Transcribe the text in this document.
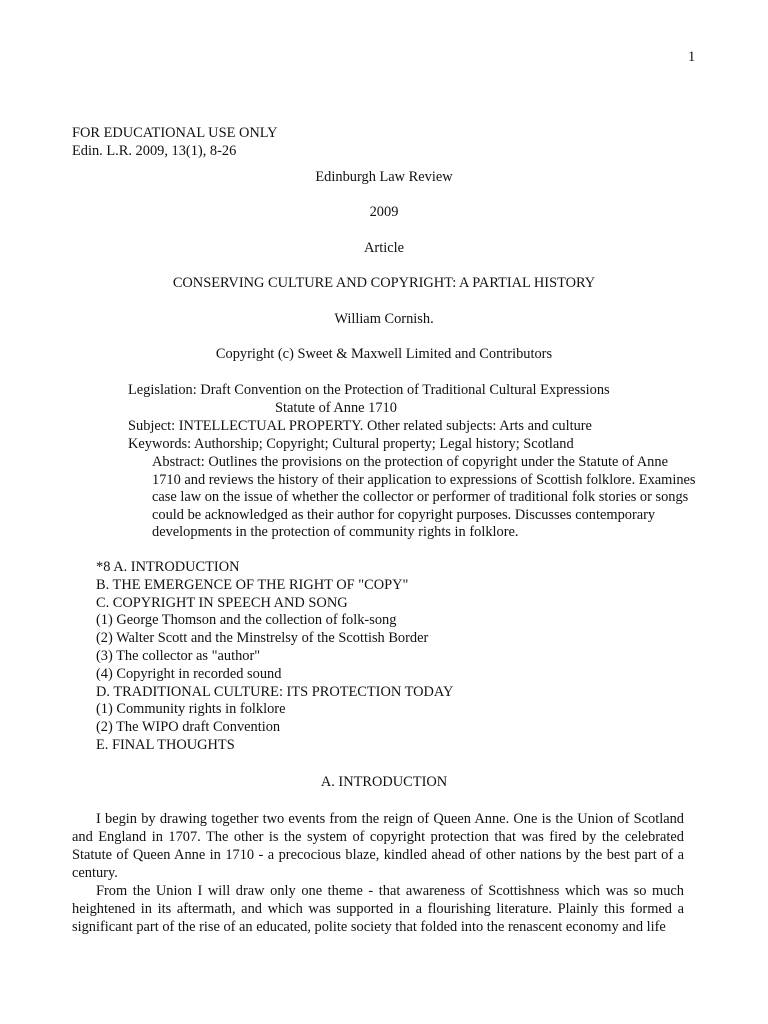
1
FOR EDUCATIONAL USE ONLY
Edin. L.R. 2009, 13(1), 8-26
Edinburgh Law Review
2009
Article
CONSERVING CULTURE AND COPYRIGHT: A PARTIAL HISTORY
William Cornish.
Copyright (c) Sweet & Maxwell Limited and Contributors
Legislation: Draft Convention on the Protection of Traditional Cultural Expressions
Statute of Anne 1710
Subject: INTELLECTUAL PROPERTY. Other related subjects: Arts and culture
Keywords: Authorship; Copyright; Cultural property; Legal history; Scotland
Abstract: Outlines the provisions on the protection of copyright under the Statute of Anne 1710 and reviews the history of their application to expressions of Scottish folklore. Examines case law on the issue of whether the collector or performer of traditional folk stories or songs could be acknowledged as their author for copyright purposes. Discusses contemporary developments in the protection of community rights in folklore.
*8 A. INTRODUCTION
B. THE EMERGENCE OF THE RIGHT OF "COPY"
C. COPYRIGHT IN SPEECH AND SONG
(1) George Thomson and the collection of folk-song
(2) Walter Scott and the Minstrelsy of the Scottish Border
(3) The collector as "author"
(4) Copyright in recorded sound
D. TRADITIONAL CULTURE: ITS PROTECTION TODAY
(1) Community rights in folklore
(2) The WIPO draft Convention
E. FINAL THOUGHTS
A. INTRODUCTION
I begin by drawing together two events from the reign of Queen Anne. One is the Union of Scotland and England in 1707. The other is the system of copyright protection that was fired by the celebrated Statute of Queen Anne in 1710 - a precocious blaze, kindled ahead of other nations by the best part of a century.
From the Union I will draw only one theme - that awareness of Scottishness which was so much heightened in its aftermath, and which was supported in a flourishing literature. Plainly this formed a significant part of the rise of an educated, polite society that folded into the renascent economy and life
